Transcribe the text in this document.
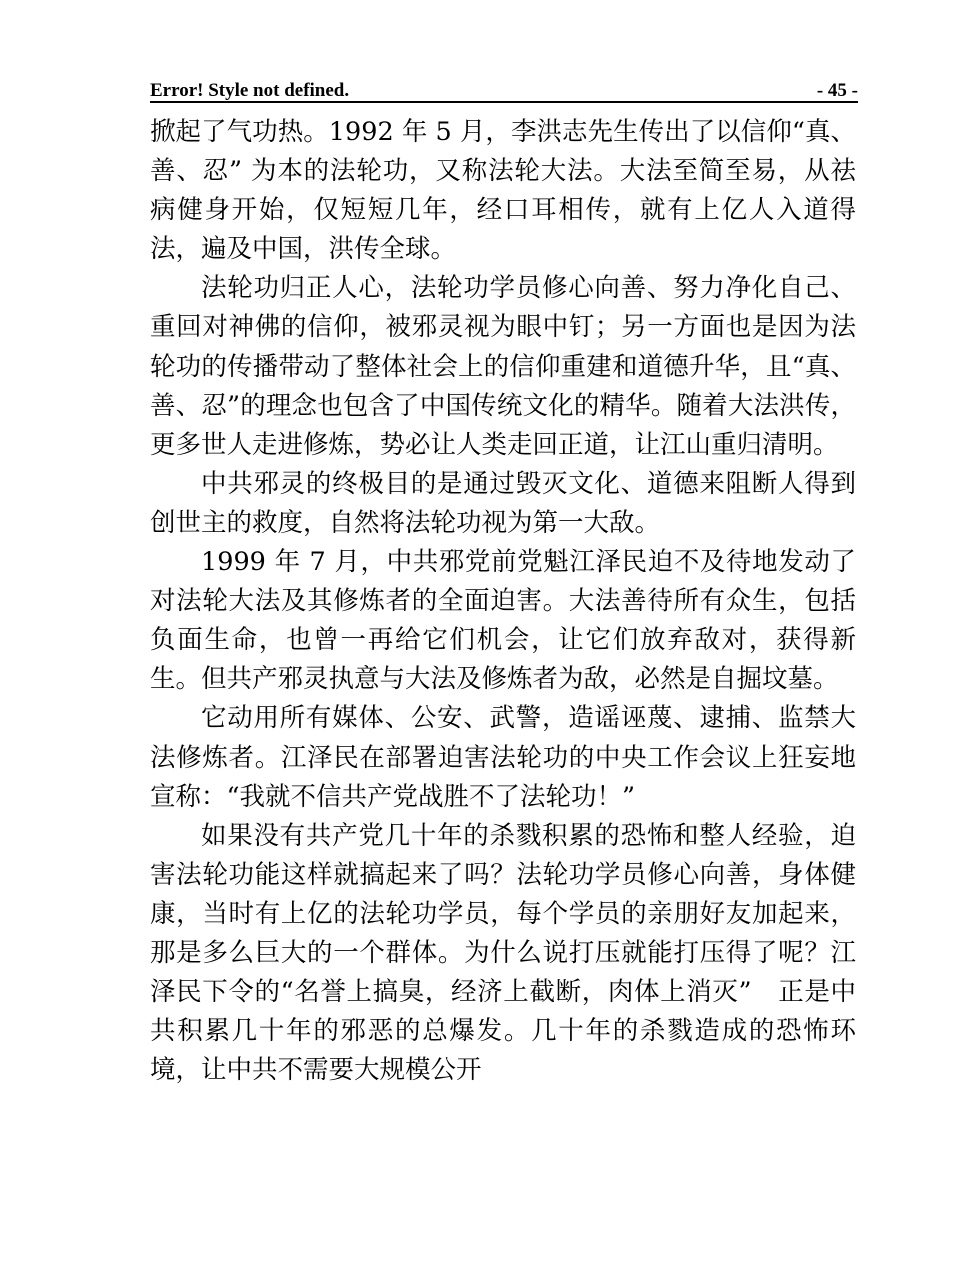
Error! Style not defined.	- 45 -

掀起了气功热。1992 年 5 月，李洪志先生传出了以信仰“真、善、忍” 为本的法轮功，又称法轮大法。大法至简至易，从祛病健身开始，仅短短几年，经口耳相传，就有上亿人入道得法，遍及中国，洪传全球。

法轮功归正人心，法轮功学员修心向善、努力净化自己、重回对神佛的信仰，被邪灵视为眼中钉；另一方面也是因为法轮功的传播带动了整体社会上的信仰重建和道德升华，且“真、善、忍”的理念也包含了中国传统文化的精华。随着大法洪传，更多世人走进修炼，势必让人类走回正道，让江山重归清明。

中共邪灵的终极目的是通过毁灭文化、道德来阻断人得到创世主的救度，自然将法轮功视为第一大敌。

1999 年 7 月，中共邪党前党魁江泽民迫不及待地发动了对法轮大法及其修炼者的全面迫害。大法善待所有众生，包括负面生命，也曾一再给它们机会，让它们放弃敌对，获得新生。但共产邪灵执意与大法及修炼者为敌，必然是自掘坟墓。

它动用所有媒体、公安、武警，造谣诬蔑、逮捕、监禁大法修炼者。江泽民在部署迫害法轮功的中央工作会议上狂妄地宣称：“我就不信共产党战胜不了法轮功！”

如果没有共产党几十年的杀戮积累的恐怖和整人经验，迫害法轮功能这样就搞起来了吗？法轮功学员修心向善，身体健康，当时有上亿的法轮功学员，每个学员的亲朋好友加起来，那是多么巨大的一个群体。为什么说打压就能打压得了呢？江泽民下令的“名誉上搞臭，经济上截断，肉体上消灭”　正是中共积累几十年的邪恶的总爆发。几十年的杀戮造成的恐怖环境，让中共不需要大规模公开
